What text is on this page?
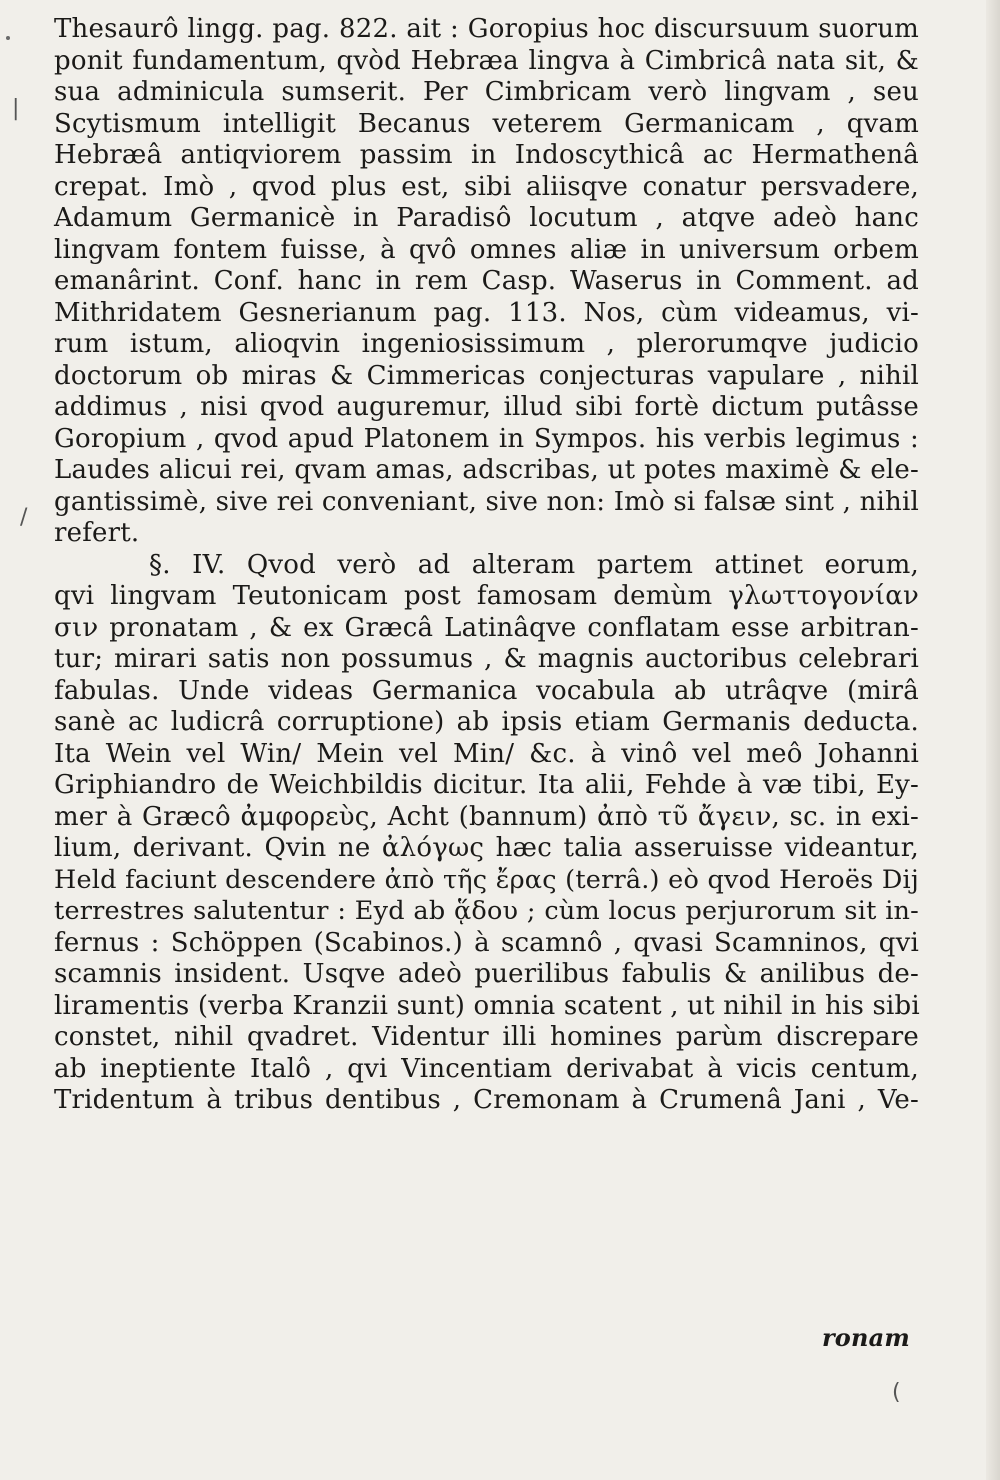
Thesaurô lingg. pag. 822. ait : Goropius hoc discursuum suorum
ponit fundamentum, qvòd Hebræa lingva à Cimbricâ nata sit, &
sua adminicula sumserit. Per Cimbricam verò lingvam , seu
Scytismum intelligit Becanus veterem Germanicam , qvam
Hebræâ antiqviorem passim in Indoscythicâ ac Hermathenâ
crepat. Imò , qvod plus est, sibi aliisqve conatur persvadere,
Adamum Germanicè in Paradisô locutum , atqve adeò hanc
lingvam fontem fuisse, à qvô omnes aliæ in universum orbem
emanârint. Conf. hanc in rem Casp. Waserus in Comment. ad
Mithridatem Gesnerianum pag. 113. Nos, cùm videamus, vi-
rum istum, alioqvin ingeniosissimum , plerorumqve judicio
doctorum ob miras & Cimmericas conjecturas vapulare , nihil
addimus , nisi qvod auguremur, illud sibi fortè dictum putâsse
Goropium , qvod apud Platonem in Sympos. his verbis legimus :
Laudes alicui rei, qvam amas, adscribas, ut potes maximè & ele-
gantissimè, sive rei conveniant, sive non: Imò si falsæ sint , nihil
refert.
§. IV. Qvod verò ad alteram partem attinet eorum,
qvi lingvam Teutonicam post famosam demùm γλωττογονίαν
σιν pronatam , & ex Græcâ Latinâqve conflatam esse arbitran-
tur; mirari satis non possumus , & magnis auctoribus celebrari
fabulas. Unde videas Germanica vocabula ab utrâqve (mirâ
sanè ac ludicrâ corruptione) ab ipsis etiam Germanis deducta.
Ita Wein vel Win/ Mein vel Min/ &c. à vinô vel meô Johanni
Griphiandro de Weichbildis dicitur. Ita alii, Fehde à væ tibi, Ey-
mer à Græcô ἀμφορεὺς, Acht (bannum) ἀπὸ τῦ ἄγειν, sc. in exi-
lium, derivant. Qvin ne ἀλόγως hæc talia asseruisse videantur,
Held faciunt descendere ἀπὸ τῆς ἔρας (terrâ.) eò qvod Heroës Dij
terrestres salutentur : Eyd ab ᾅδου ; cùm locus perjurorum sit in-
fernus : Schöppen (Scabinos.) à scamnô , qvasi Scamninos, qvi
scamnis insident. Usqve adeò puerilibus fabulis & anilibus de-
liramentis (verba Kranzii sunt) omnia scatent , ut nihil in his sibi
constet, nihil qvadret. Videntur illi homines parùm discrepare
ab ineptiente Italô , qvi Vincentiam derivabat à vicis centum,
Tridentum à tribus dentibus , Cremonam à Crumenâ Jani , Ve-
ronam
|
/
(
